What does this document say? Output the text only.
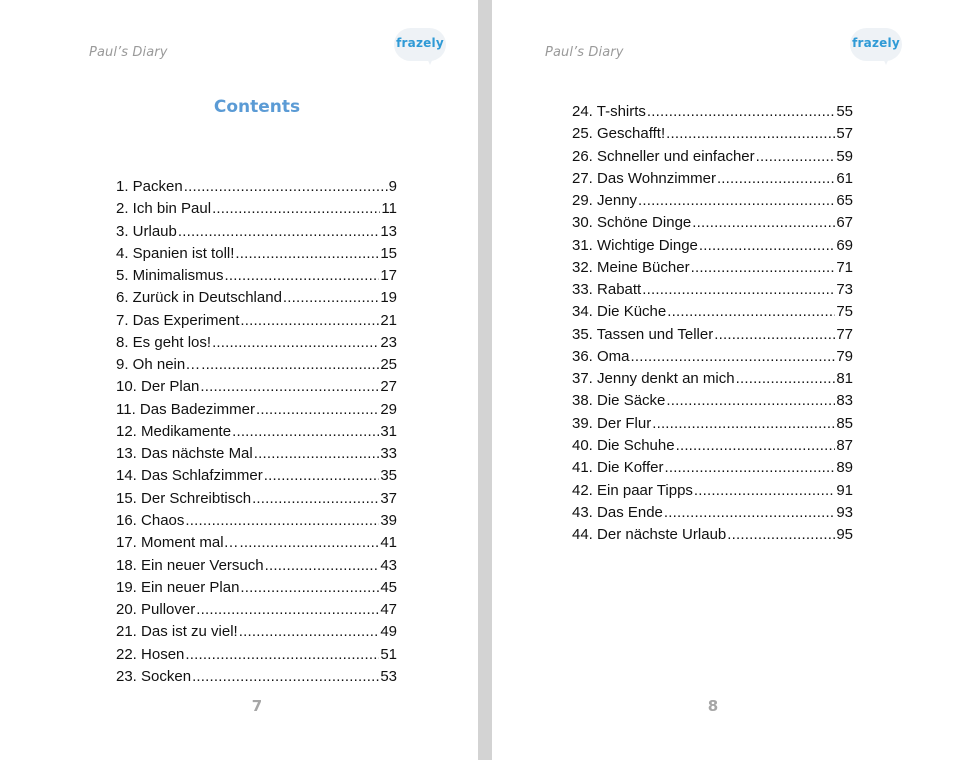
Paul’s Diary
frazely
Contents
1. Packen .....	9
2. Ich bin Paul .....	11
3. Urlaub .....	13
4. Spanien ist toll! .....	15
5. Minimalismus .....	17
6. Zurück in Deutschland .....	19
7. Das Experiment .....	21
8. Es geht los! .....	23
9. Oh nein… .....	25
10. Der Plan .....	27
11. Das Badezimmer .....	29
12. Medikamente .....	31
13. Das nächste Mal .....	33
14. Das Schlafzimmer .....	35
15. Der Schreibtisch .....	37
16. Chaos .....	39
17. Moment mal… .....	41
18. Ein neuer Versuch .....	43
19. Ein neuer Plan .....	45
20. Pullover .....	47
21. Das ist zu viel! .....	49
22. Hosen .....	51
23. Socken .....	53
7
Paul’s Diary
frazely
24. T-shirts .....	55
25. Geschafft! .....	57
26. Schneller und einfacher .....	59
27. Das Wohnzimmer .....	61
29. Jenny .....	65
30. Schöne Dinge .....	67
31. Wichtige Dinge .....	69
32. Meine Bücher .....	71
33. Rabatt .....	73
34. Die Küche .....	75
35. Tassen und Teller .....	77
36. Oma .....	79
37. Jenny denkt an mich .....	81
38. Die Säcke .....	83
39. Der Flur .....	85
40. Die Schuhe .....	87
41. Die Koffer .....	89
42. Ein paar Tipps .....	91
43. Das Ende .....	93
44. Der nächste Urlaub .....	95
8
